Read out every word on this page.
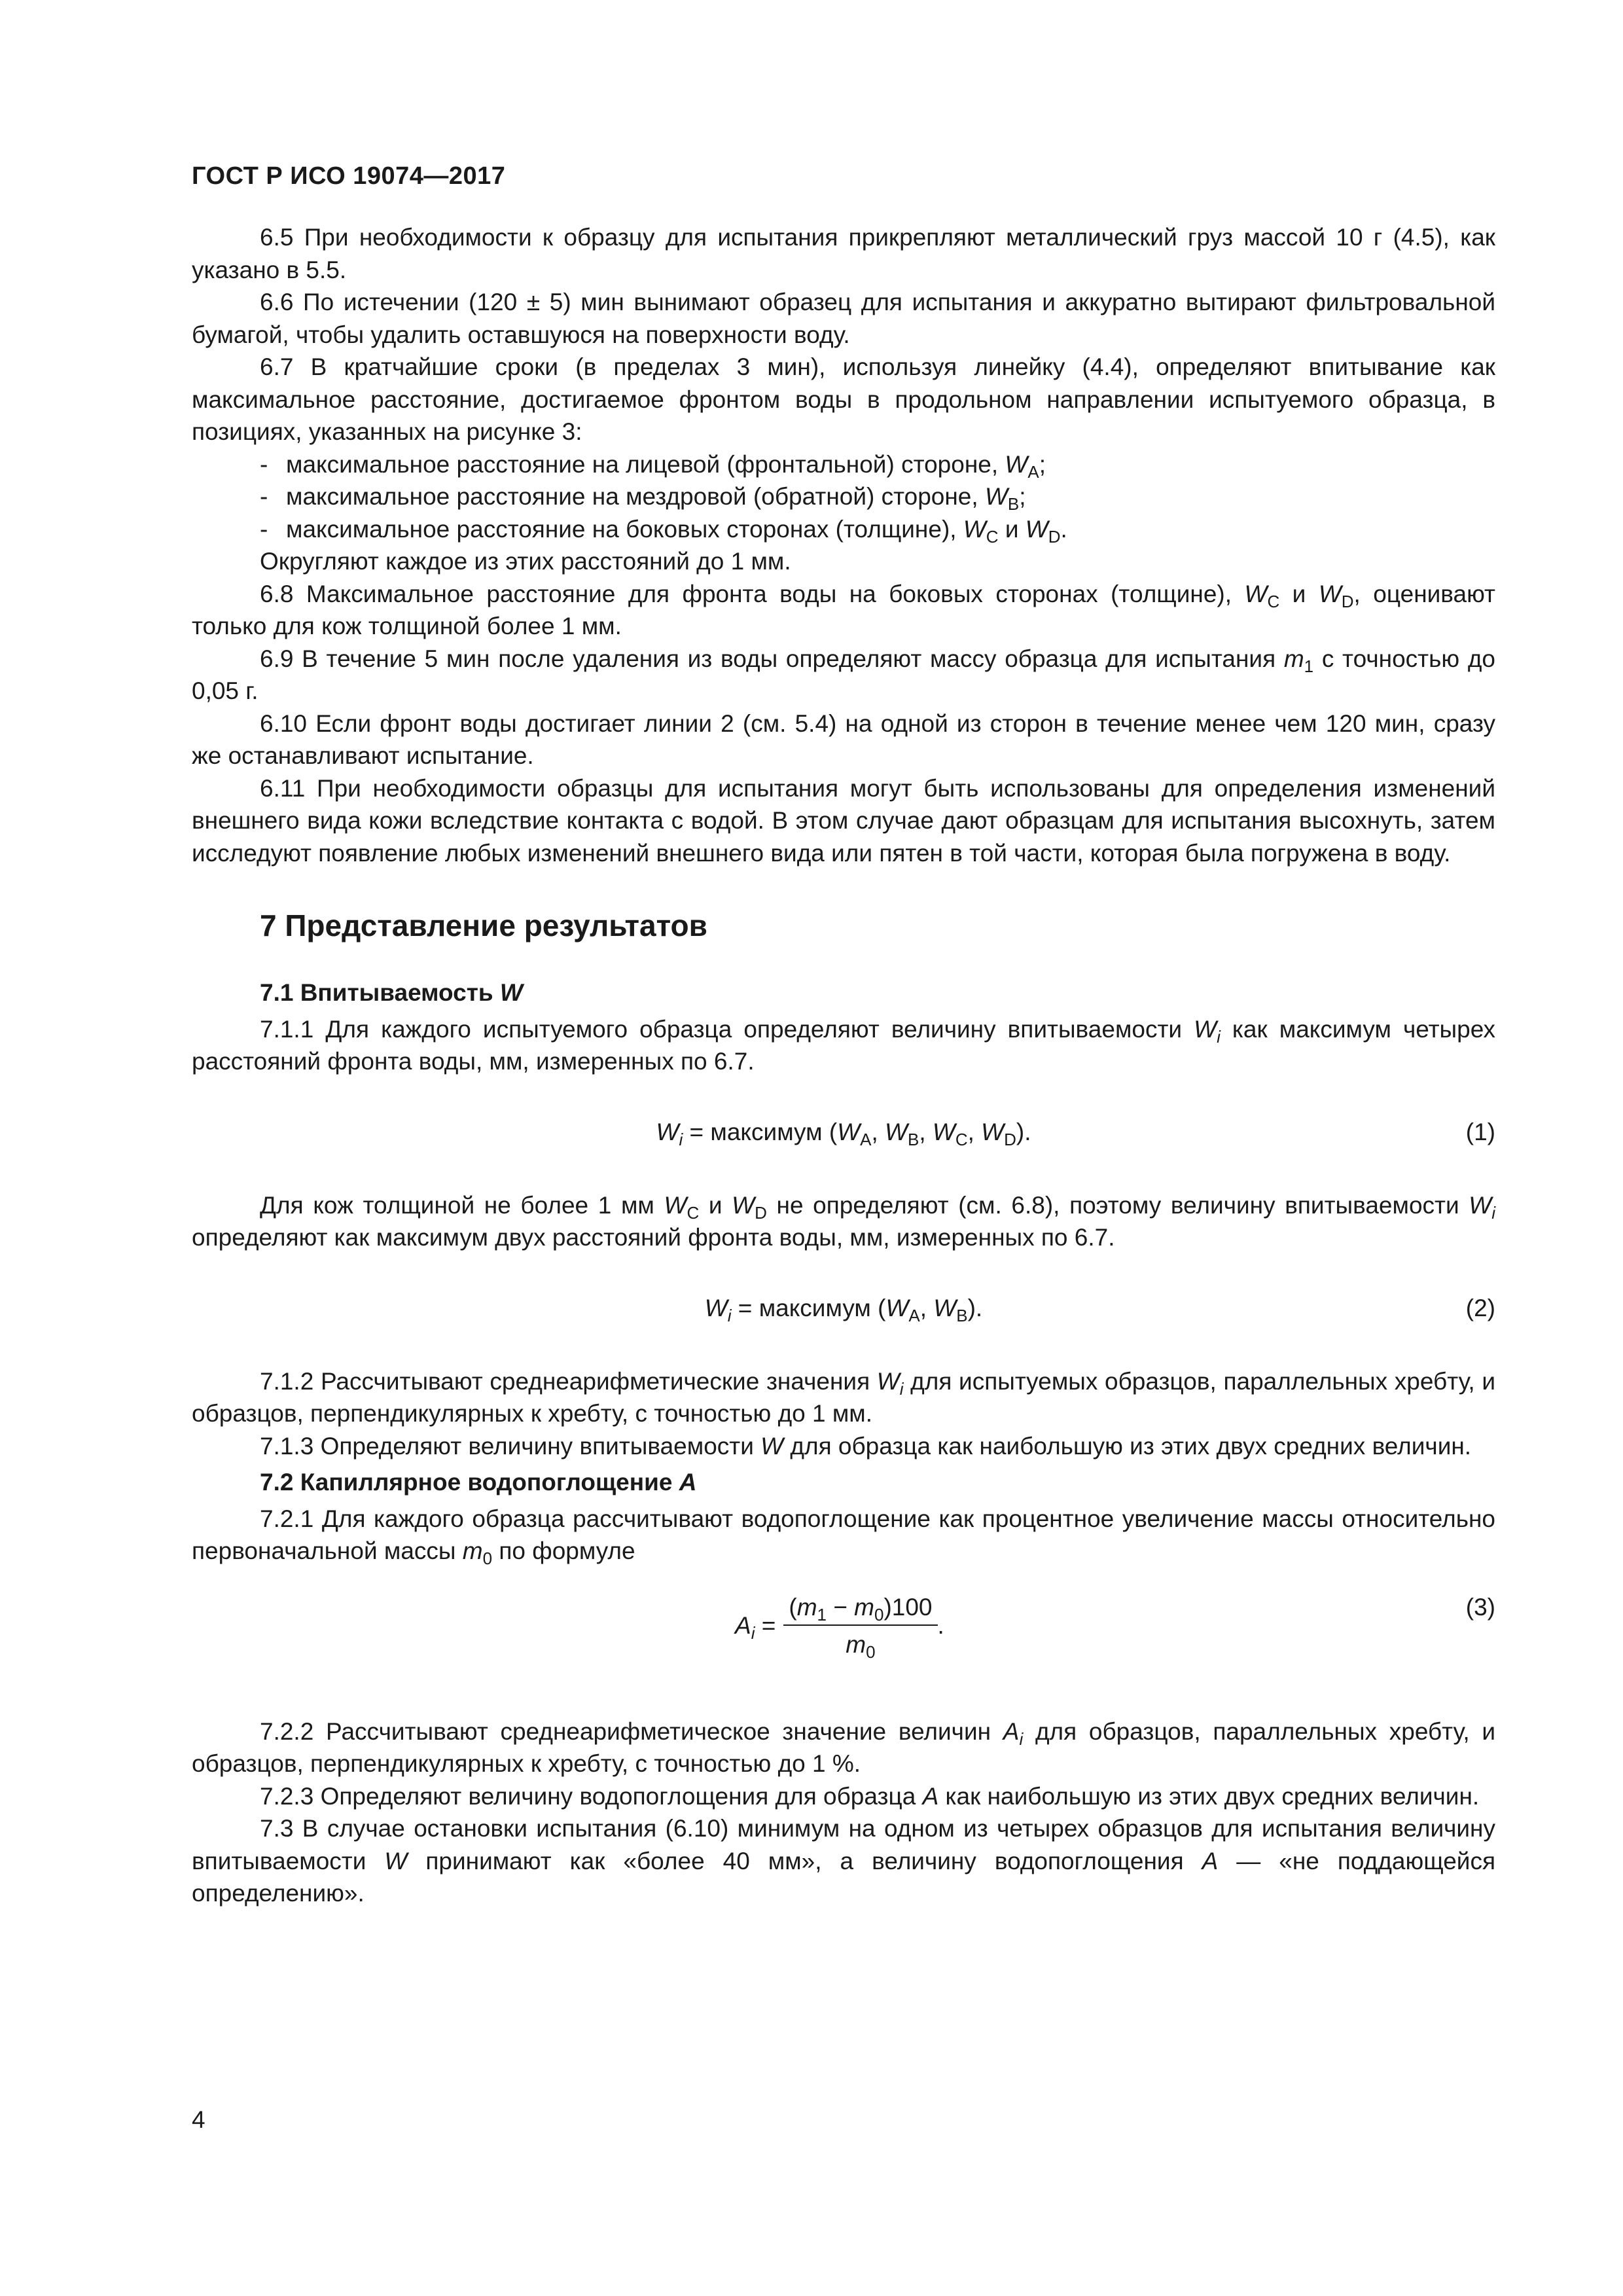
ГОСТ Р ИСО 19074—2017

6.5 При необходимости к образцу для испытания прикрепляют металлический груз массой 10 г (4.5), как указано в 5.5.

6.6 По истечении (120 ± 5) мин вынимают образец для испытания и аккуратно вытирают фильтровальной бумагой, чтобы удалить оставшуюся на поверхности воду.

6.7 В кратчайшие сроки (в пределах 3 мин), используя линейку (4.4), определяют впитывание как максимальное расстояние, достигаемое фронтом воды в продольном направлении испытуемого образца, в позициях, указанных на рисунке 3:

- максимальное расстояние на лицевой (фронтальной) стороне, $W_A$;

- максимальное расстояние на мездровой (обратной) стороне, $W_B$;

- максимальное расстояние на боковых сторонах (толщине), $W_C$ и $W_D$.

Округляют каждое из этих расстояний до 1 мм.

6.8 Максимальное расстояние для фронта воды на боковых сторонах (толщине), $W_C$ и $W_D$, оценивают только для кож толщиной более 1 мм.

6.9 В течение 5 мин после удаления из воды определяют массу образца для испытания $m_1$ с точностью до 0,05 г.

6.10 Если фронт воды достигает линии 2 (см. 5.4) на одной из сторон в течение менее чем 120 мин, сразу же останавливают испытание.

6.11 При необходимости образцы для испытания могут быть использованы для определения изменений внешнего вида кожи вследствие контакта с водой. В этом случае дают образцам для испытания высохнуть, затем исследуют появление любых изменений внешнего вида или пятен в той части, которая была погружена в воду.

7 Представление результатов
7.1 Впитываемость W

7.1.1 Для каждого испытуемого образца определяют величину впитываемости $W_i$ как максимум четырех расстояний фронта воды, мм, измеренных по 6.7.

$W_i$ = максимум ($W_A$, $W_B$, $W_C$, $W_D$).	(1)

Для кож толщиной не более 1 мм $W_C$ и $W_D$ не определяют (см. 6.8), поэтому величину впитываемости $W_i$ определяют как максимум двух расстояний фронта воды, мм, измеренных по 6.7.

$W_i$ = максимум ($W_A$, $W_B$).	(2)

7.1.2 Рассчитывают среднеарифметические значения $W_i$ для испытуемых образцов, параллельных хребту, и образцов, перпендикулярных к хребту, с точностью до 1 мм.

7.1.3 Определяют величину впитываемости W для образца как наибольшую из этих двух средних величин.

7.2 Капиллярное водопоглощение A

7.2.1 Для каждого образца рассчитывают водопоглощение как процентное увеличение массы относительно первоначальной массы $m_0$ по формуле

$A_i = \frac{(m_1 - m_0)100}{m_0}$ .
(3)

7.2.2 Рассчитывают среднеарифметическое значение величин $A_i$ для образцов, параллельных хребту, и образцов, перпендикулярных к хребту, с точностью до 1 %.

7.2.3 Определяют величину водопоглощения для образца A как наибольшую из этих двух средних величин.

7.3 В случае остановки испытания (6.10) минимум на одном из четырех образцов для испытания величину впитываемости W принимают как «более 40 мм», а величину водопоглощения A — «не поддающейся определению».

4
